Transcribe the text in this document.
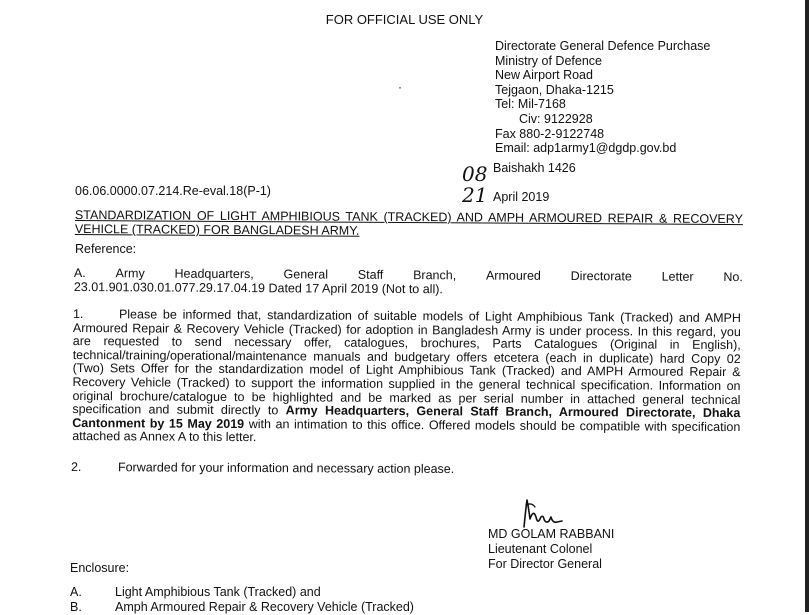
FOR OFFICIAL USE ONLY
Directorate General Defence Purchase
Ministry of Defence
New Airport Road
Tejgaon, Dhaka-1215
Tel: Mil-7168
Civ: 9122928
Fax 880-2-9122748
Email: adp1army1@dgdp.gov.bd
·
08
21
Baishakh 1426
April 2019
06.06.0000.07.214.Re-eval.18(P-1)
STANDARDIZATION OF LIGHT AMPHIBIOUS TANK (TRACKED) AND AMPH ARMOURED REPAIR & RECOVERY VEHICLE (TRACKED) FOR BANGLADESH ARMY.
Reference:
A. Army Headquarters, General Staff Branch, Armoured Directorate Letter No.
23.01.901.030.01.077.29.17.04.19 Dated 17 April 2019 (Not to all).
1.	Please be informed that, standardization of suitable models of Light Amphibious Tank (Tracked) and AMPH Armoured Repair & Recovery Vehicle (Tracked) for adoption in Bangladesh Army is under process. In this regard, you are requested to send necessary offer, catalogues, brochures, Parts Catalogues (Original in English), technical/training/operational/maintenance manuals and budgetary offers etcetera (each in duplicate) hard Copy 02 (Two) Sets Offer for the standardization model of Light Amphibious Tank (Tracked) and AMPH Armoured Repair & Recovery Vehicle (Tracked) to support the information supplied in the general technical specification. Information on original brochure/catalogue to be highlighted and be marked as per serial number in attached general technical specification and submit directly to Army Headquarters, General Staff Branch, Armoured Directorate, Dhaka Cantonment by 15 May 2019 with an intimation to this office. Offered models should be compatible with specification attached as Annex A to this letter.
2.	Forwarded for your information and necessary action please.
MD GOLAM RABBANI
Lieutenant Colonel
For Director General
Enclosure:
A.	Light Amphibious Tank (Tracked) and
B.	Amph Armoured Repair & Recovery Vehicle (Tracked)
